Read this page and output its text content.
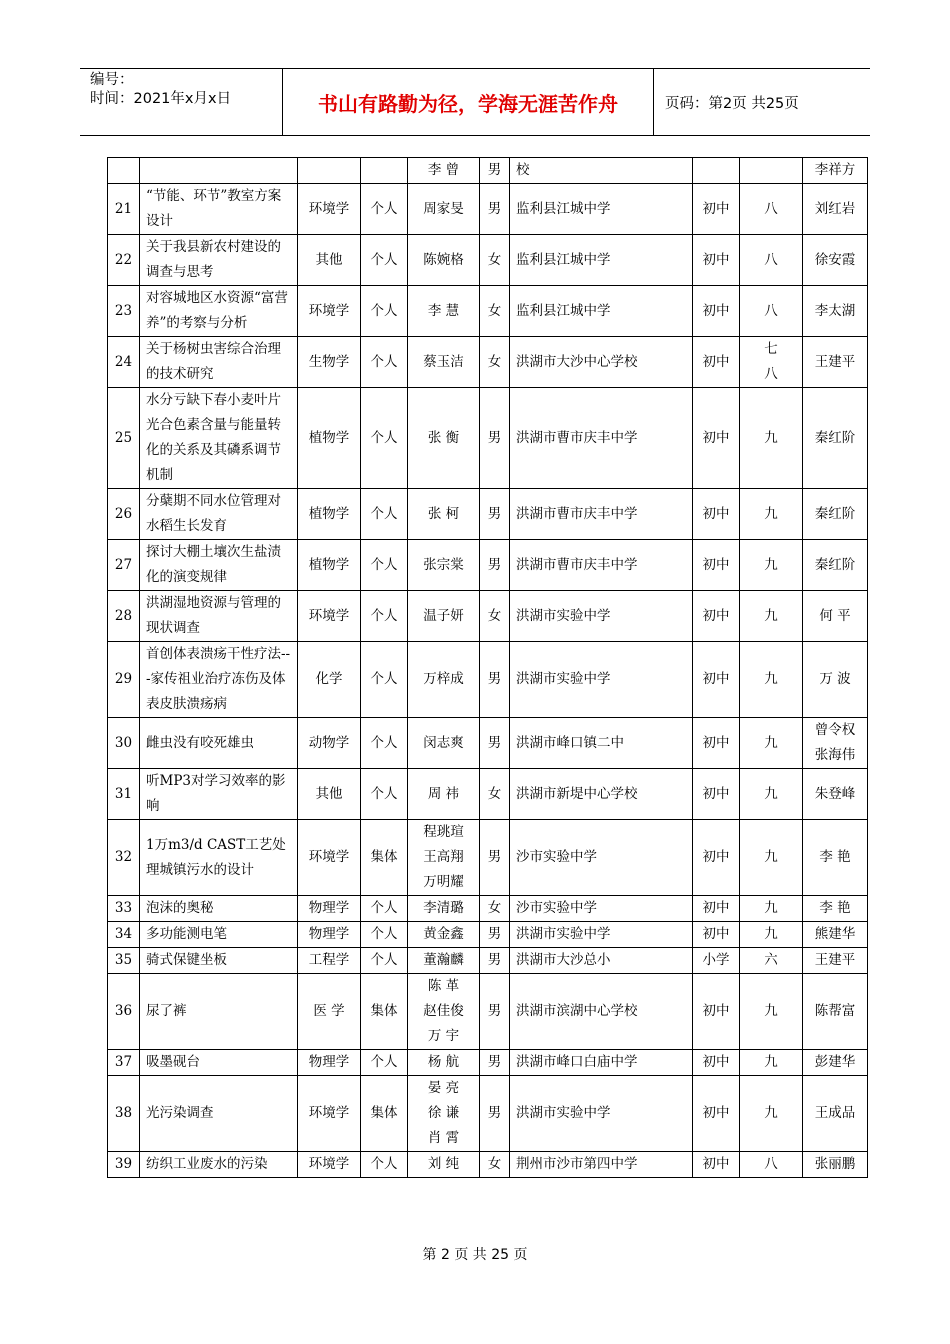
编号：
时间：2021年x月x日	书山有路勤为径，学海无涯苦作舟	页码：第2页 共25页

				李 曾	男	校			李祥方

21	“节能、环节”教室方案设计	环境学	个人	周家旻	男	监利县江城中学	初中	八	刘红岩

22	关于我县新农村建设的调查与思考	其他	个人	陈婉格	女	监利县江城中学	初中	八	徐安霞

23	对容城地区水资源“富营养”的考察与分析	环境学	个人	李 慧	女	监利县江城中学	初中	八	李太湖

24	关于杨树虫害综合治理的技术研究	生物学	个人	蔡玉洁	女	洪湖市大沙中心学校	初中	七八	王建平

25	水分亏缺下春小麦叶片光合色素含量与能量转化的关系及其磷系调节机制	植物学	个人	张 衡	男	洪湖市曹市庆丰中学	初中	九	秦红阶

26	分蘖期不同水位管理对水稻生长发育	植物学	个人	张 柯	男	洪湖市曹市庆丰中学	初中	九	秦红阶

27	探讨大棚土壤次生盐渍化的演变规律	植物学	个人	张宗棠	男	洪湖市曹市庆丰中学	初中	九	秦红阶

28	洪湖湿地资源与管理的现状调查	环境学	个人	温子妍	女	洪湖市实验中学	初中	九	何 平

29	首创体表溃疡干性疗法---家传祖业治疗冻伤及体表皮肤溃疡病	化学	个人	万梓成	男	洪湖市实验中学	初中	九	万 波

30	雌虫没有咬死雄虫	动物学	个人	闵志爽	男	洪湖市峰口镇二中	初中	九	曾令权
张海伟

31	听MP3对学习效率的影响	其他	个人	周 祎	女	洪湖市新堤中心学校	初中	九	朱登峰

32	1万m3/d CAST工艺处理城镇污水的设计	环境学	集体	程珧瑄
王高翔
万明耀	男	沙市实验中学	初中	九	李 艳

33	泡沫的奥秘	物理学	个人	李清璐	女	沙市实验中学	初中	九	李 艳

34	多功能测电笔	物理学	个人	黄金鑫	男	洪湖市实验中学	初中	九	熊建华

35	骑式保键坐板	工程学	个人	董瀚麟	男	洪湖市大沙总小	小学	六	王建平

36	尿了裤	医 学	集体	陈 革
赵佳俊
万 宇	男	洪湖市滨湖中心学校	初中	九	陈帮富

37	吸墨砚台	物理学	个人	杨 航	男	洪湖市峰口白庙中学	初中	九	彭建华

38	光污染调查	环境学	集体	晏 亮
徐 谦
肖 霄	男	洪湖市实验中学	初中	九	王成品

39	纺织工业废水的污染	环境学	个人	刘 纯	女	荆州市沙市第四中学	初中	八	张丽鹏
第 2 页 共 25 页
